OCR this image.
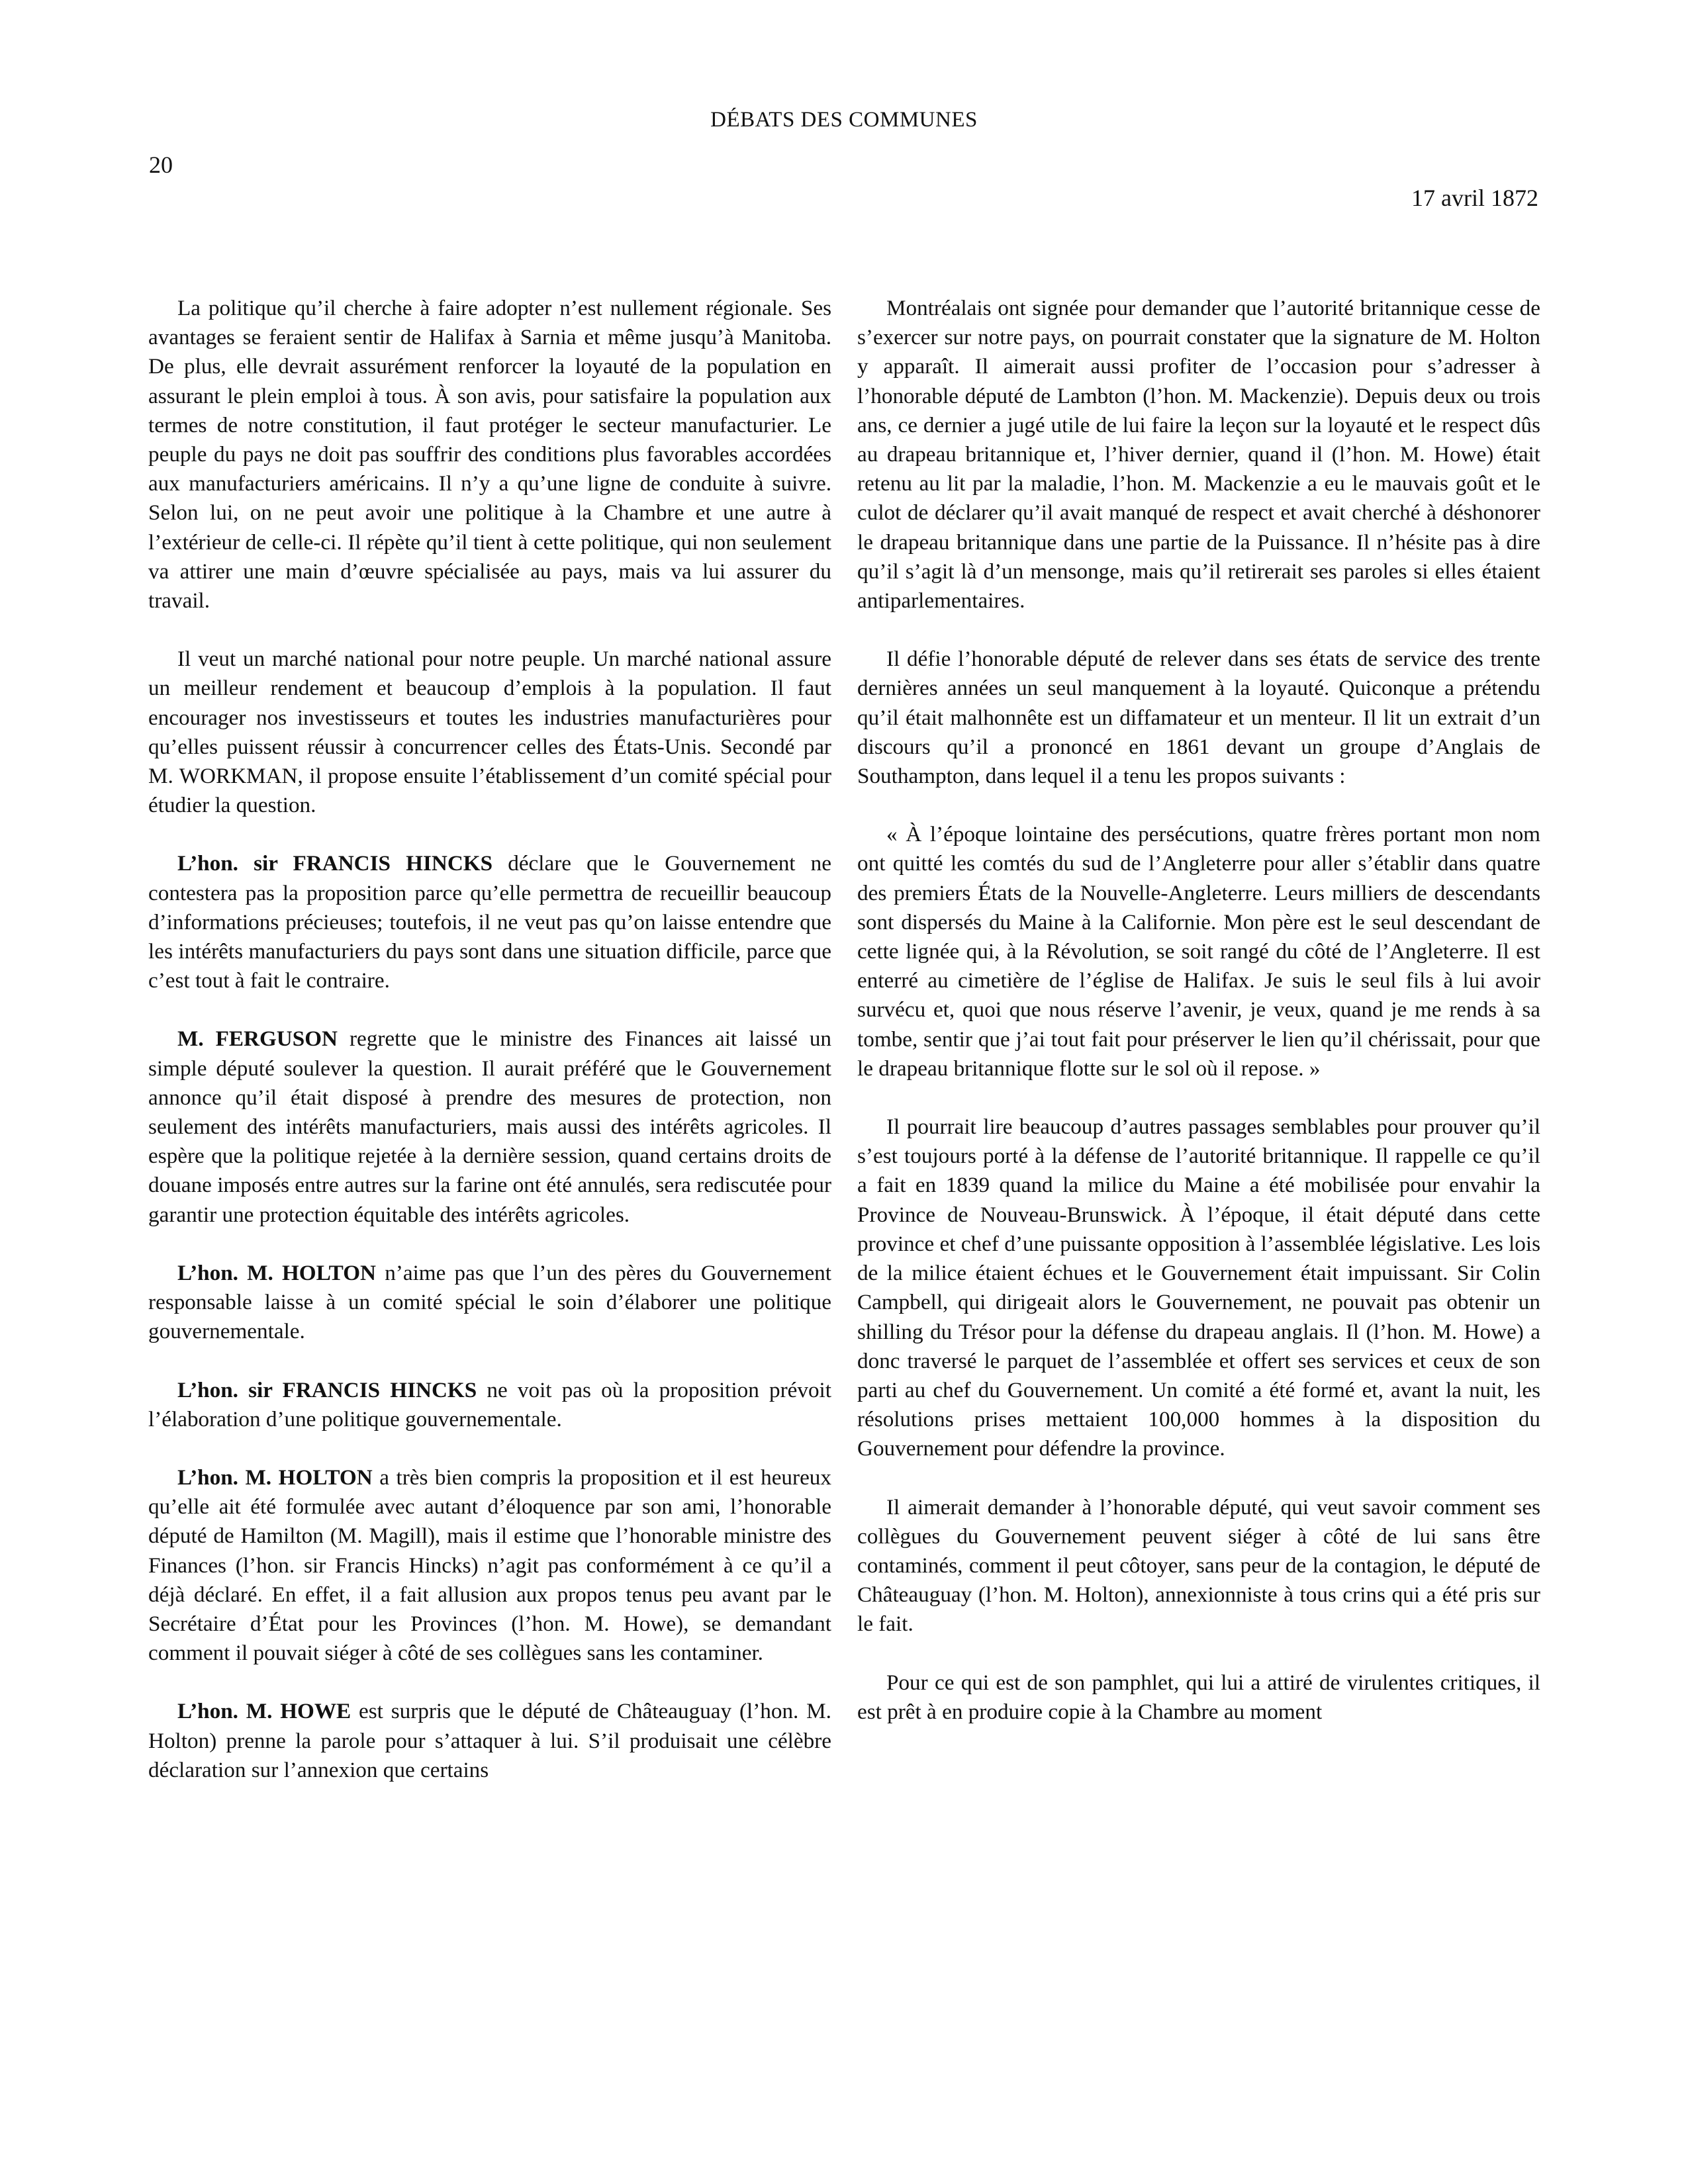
DÉBATS DES COMMUNES
20
17 avril 1872

La politique qu’il cherche à faire adopter n’est nullement régionale. Ses avantages se feraient sentir de Halifax à Sarnia et même jusqu’à Manitoba. De plus, elle devrait assurément renforcer la loyauté de la population en assurant le plein emploi à tous. À son avis, pour satisfaire la population aux termes de notre constitution, il faut protéger le secteur manufacturier. Le peuple du pays ne doit pas souffrir des conditions plus favorables accordées aux manufacturiers américains. Il n’y a qu’une ligne de conduite à suivre. Selon lui, on ne peut avoir une politique à la Chambre et une autre à l’extérieur de celle-ci. Il répète qu’il tient à cette politique, qui non seulement va attirer une main d’œuvre spécialisée au pays, mais va lui assurer du travail.

Il veut un marché national pour notre peuple. Un marché national assure un meilleur rendement et beaucoup d’emplois à la population. Il faut encourager nos investisseurs et toutes les industries manufacturières pour qu’elles puissent réussir à concurrencer celles des États-Unis. Secondé par M. WORKMAN, il propose ensuite l’établissement d’un comité spécial pour étudier la question.

L’hon. sir FRANCIS HINCKS déclare que le Gouvernement ne contestera pas la proposition parce qu’elle permettra de recueillir beaucoup d’informations précieuses; toutefois, il ne veut pas qu’on laisse entendre que les intérêts manufacturiers du pays sont dans une situation difficile, parce que c’est tout à fait le contraire.

M. FERGUSON regrette que le ministre des Finances ait laissé un simple député soulever la question. Il aurait préféré que le Gouvernement annonce qu’il était disposé à prendre des mesures de protection, non seulement des intérêts manufacturiers, mais aussi des intérêts agricoles. Il espère que la politique rejetée à la dernière session, quand certains droits de douane imposés entre autres sur la farine ont été annulés, sera rediscutée pour garantir une protection équitable des intérêts agricoles.

L’hon. M. HOLTON n’aime pas que l’un des pères du Gouvernement responsable laisse à un comité spécial le soin d’élaborer une politique gouvernementale.

L’hon. sir FRANCIS HINCKS ne voit pas où la proposition prévoit l’élaboration d’une politique gouvernementale.

L’hon. M. HOLTON a très bien compris la proposition et il est heureux qu’elle ait été formulée avec autant d’éloquence par son ami, l’honorable député de Hamilton (M. Magill), mais il estime que l’honorable ministre des Finances (l’hon. sir Francis Hincks) n’agit pas conformément à ce qu’il a déjà déclaré. En effet, il a fait allusion aux propos tenus peu avant par le Secrétaire d’État pour les Provinces (l’hon. M. Howe), se demandant comment il pouvait siéger à côté de ses collègues sans les contaminer.

L’hon. M. HOWE est surpris que le député de Châteauguay (l’hon. M. Holton) prenne la parole pour s’attaquer à lui. S’il produisait une célèbre déclaration sur l’annexion que certains

Montréalais ont signée pour demander que l’autorité britannique cesse de s’exercer sur notre pays, on pourrait constater que la signature de M. Holton y apparaît. Il aimerait aussi profiter de l’occasion pour s’adresser à l’honorable député de Lambton (l’hon. M. Mackenzie). Depuis deux ou trois ans, ce dernier a jugé utile de lui faire la leçon sur la loyauté et le respect dûs au drapeau britannique et, l’hiver dernier, quand il (l’hon. M. Howe) était retenu au lit par la maladie, l’hon. M. Mackenzie a eu le mauvais goût et le culot de déclarer qu’il avait manqué de respect et avait cherché à déshonorer le drapeau britannique dans une partie de la Puissance. Il n’hésite pas à dire qu’il s’agit là d’un mensonge, mais qu’il retirerait ses paroles si elles étaient antiparlementaires.

Il défie l’honorable député de relever dans ses états de service des trente dernières années un seul manquement à la loyauté. Quiconque a prétendu qu’il était malhonnête est un diffamateur et un menteur. Il lit un extrait d’un discours qu’il a prononcé en 1861 devant un groupe d’Anglais de Southampton, dans lequel il a tenu les propos suivants :

« À l’époque lointaine des persécutions, quatre frères portant mon nom ont quitté les comtés du sud de l’Angleterre pour aller s’établir dans quatre des premiers États de la Nouvelle-Angleterre. Leurs milliers de descendants sont dispersés du Maine à la Californie. Mon père est le seul descendant de cette lignée qui, à la Révolution, se soit rangé du côté de l’Angleterre. Il est enterré au cimetière de l’église de Halifax. Je suis le seul fils à lui avoir survécu et, quoi que nous réserve l’avenir, je veux, quand je me rends à sa tombe, sentir que j’ai tout fait pour préserver le lien qu’il chérissait, pour que le drapeau britannique flotte sur le sol où il repose. »

Il pourrait lire beaucoup d’autres passages semblables pour prouver qu’il s’est toujours porté à la défense de l’autorité britannique. Il rappelle ce qu’il a fait en 1839 quand la milice du Maine a été mobilisée pour envahir la Province de Nouveau-Brunswick. À l’époque, il était député dans cette province et chef d’une puissante opposition à l’assemblée législative. Les lois de la milice étaient échues et le Gouvernement était impuissant. Sir Colin Campbell, qui dirigeait alors le Gouvernement, ne pouvait pas obtenir un shilling du Trésor pour la défense du drapeau anglais. Il (l’hon. M. Howe) a donc traversé le parquet de l’assemblée et offert ses services et ceux de son parti au chef du Gouvernement. Un comité a été formé et, avant la nuit, les résolutions prises mettaient 100,000 hommes à la disposition du Gouvernement pour défendre la province.

Il aimerait demander à l’honorable député, qui veut savoir comment ses collègues du Gouvernement peuvent siéger à côté de lui sans être contaminés, comment il peut côtoyer, sans peur de la contagion, le député de Châteauguay (l’hon. M. Holton), annexionniste à tous crins qui a été pris sur le fait.

Pour ce qui est de son pamphlet, qui lui a attiré de virulentes critiques, il est prêt à en produire copie à la Chambre au moment
